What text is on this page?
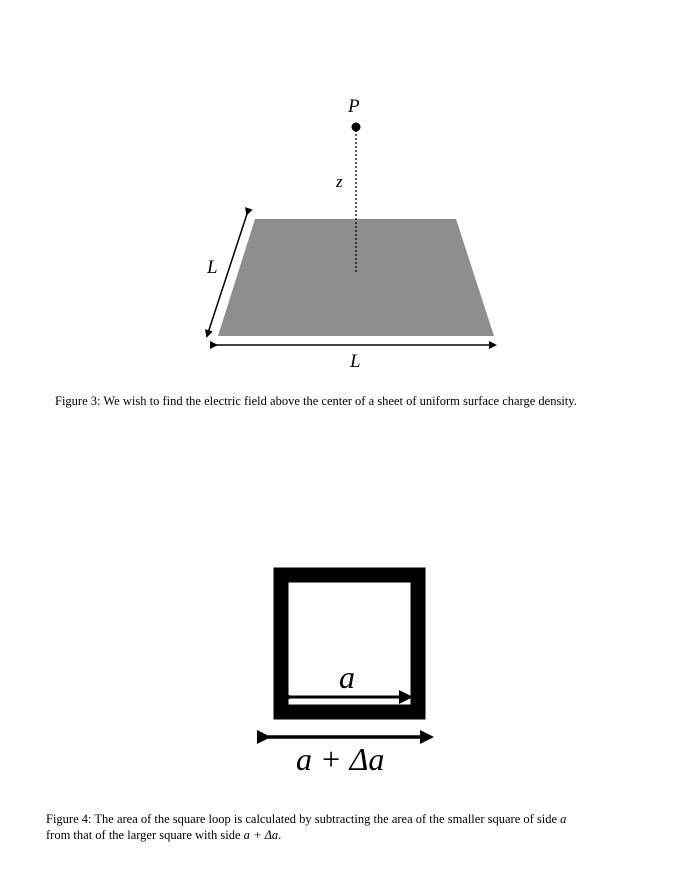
P
z
L
L
Figure 3: We wish to find the electric field above the center of a sheet of uniform surface charge density.
a
a + Δa
Figure 4: The area of the square loop is calculated by subtracting the area of the smaller square of side a
from that of the larger square with side a + Δa.
